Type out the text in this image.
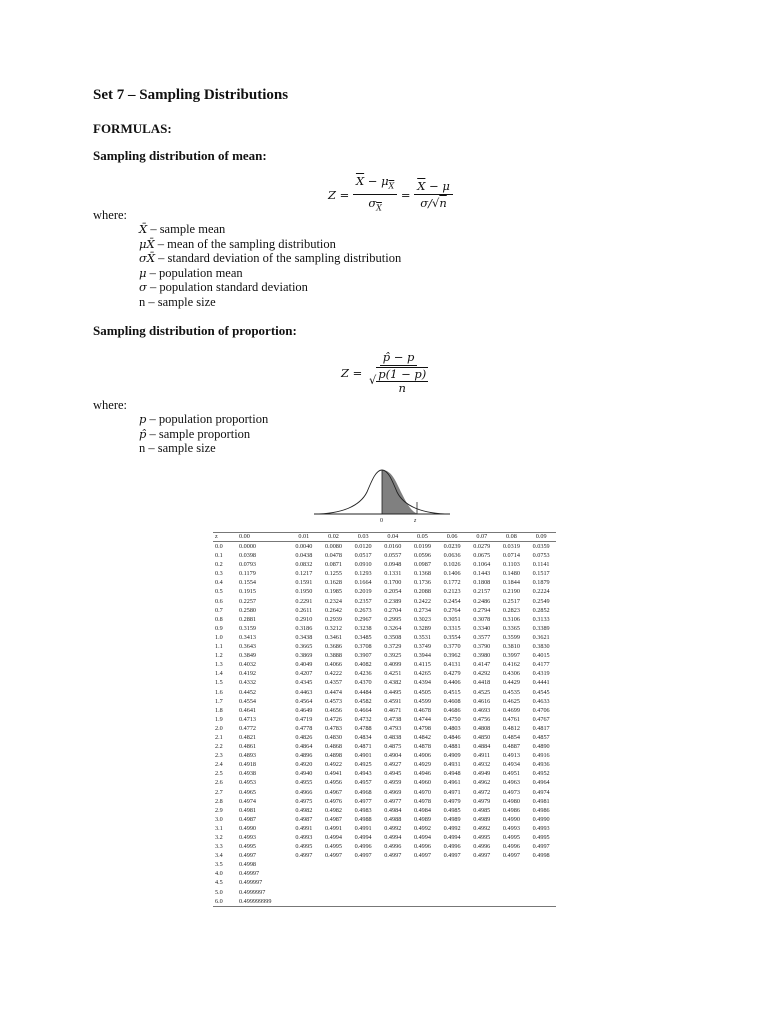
Set 7 – Sampling Distributions
FORMULAS:
Sampling distribution of mean:
$Z = \frac{\overline{X} - \mu_{\overline{X}}}{\sigma_{\overline{X}}} = \frac{\overline{X} - \mu}{\sigma/√n}$
where:
X̄ – sample mean
μX̄ – mean of the sampling distribution
σX̄ – standard deviation of the sampling distribution
μ – population mean
σ – population standard deviation
n – sample size
Sampling distribution of proportion:
$Z = \frac{p̂ - p}{√ \frac{p(1 - p)}{n}}$
where:
p – population proportion
p̂ – sample proportion
n – sample size
0	z
z	0.00	0.01	0.02	0.03	0.04	0.05	0.06	0.07	0.08	0.09
0.0	0.0000	0.0040	0.0080	0.0120	0.0160	0.0199	0.0239	0.0279	0.0319	0.0359
0.1	0.0398	0.0438	0.0478	0.0517	0.0557	0.0596	0.0636	0.0675	0.0714	0.0753
0.2	0.0793	0.0832	0.0871	0.0910	0.0948	0.0987	0.1026	0.1064	0.1103	0.1141
0.3	0.1179	0.1217	0.1255	0.1293	0.1331	0.1368	0.1406	0.1443	0.1480	0.1517
0.4	0.1554	0.1591	0.1628	0.1664	0.1700	0.1736	0.1772	0.1808	0.1844	0.1879
0.5	0.1915	0.1950	0.1985	0.2019	0.2054	0.2088	0.2123	0.2157	0.2190	0.2224
0.6	0.2257	0.2291	0.2324	0.2357	0.2389	0.2422	0.2454	0.2486	0.2517	0.2549
0.7	0.2580	0.2611	0.2642	0.2673	0.2704	0.2734	0.2764	0.2794	0.2823	0.2852
0.8	0.2881	0.2910	0.2939	0.2967	0.2995	0.3023	0.3051	0.3078	0.3106	0.3133
0.9	0.3159	0.3186	0.3212	0.3238	0.3264	0.3289	0.3315	0.3340	0.3365	0.3389
1.0	0.3413	0.3438	0.3461	0.3485	0.3508	0.3531	0.3554	0.3577	0.3599	0.3621
1.1	0.3643	0.3665	0.3686	0.3708	0.3729	0.3749	0.3770	0.3790	0.3810	0.3830
1.2	0.3849	0.3869	0.3888	0.3907	0.3925	0.3944	0.3962	0.3980	0.3997	0.4015
1.3	0.4032	0.4049	0.4066	0.4082	0.4099	0.4115	0.4131	0.4147	0.4162	0.4177
1.4	0.4192	0.4207	0.4222	0.4236	0.4251	0.4265	0.4279	0.4292	0.4306	0.4319
1.5	0.4332	0.4345	0.4357	0.4370	0.4382	0.4394	0.4406	0.4418	0.4429	0.4441
1.6	0.4452	0.4463	0.4474	0.4484	0.4495	0.4505	0.4515	0.4525	0.4535	0.4545
1.7	0.4554	0.4564	0.4573	0.4582	0.4591	0.4599	0.4608	0.4616	0.4625	0.4633
1.8	0.4641	0.4649	0.4656	0.4664	0.4671	0.4678	0.4686	0.4693	0.4699	0.4706
1.9	0.4713	0.4719	0.4726	0.4732	0.4738	0.4744	0.4750	0.4756	0.4761	0.4767
2.0	0.4772	0.4778	0.4783	0.4788	0.4793	0.4798	0.4803	0.4808	0.4812	0.4817
2.1	0.4821	0.4826	0.4830	0.4834	0.4838	0.4842	0.4846	0.4850	0.4854	0.4857
2.2	0.4861	0.4864	0.4868	0.4871	0.4875	0.4878	0.4881	0.4884	0.4887	0.4890
2.3	0.4893	0.4896	0.4898	0.4901	0.4904	0.4906	0.4909	0.4911	0.4913	0.4916
2.4	0.4918	0.4920	0.4922	0.4925	0.4927	0.4929	0.4931	0.4932	0.4934	0.4936
2.5	0.4938	0.4940	0.4941	0.4943	0.4945	0.4946	0.4948	0.4949	0.4951	0.4952
2.6	0.4953	0.4955	0.4956	0.4957	0.4959	0.4960	0.4961	0.4962	0.4963	0.4964
2.7	0.4965	0.4966	0.4967	0.4968	0.4969	0.4970	0.4971	0.4972	0.4973	0.4974
2.8	0.4974	0.4975	0.4976	0.4977	0.4977	0.4978	0.4979	0.4979	0.4980	0.4981
2.9	0.4981	0.4982	0.4982	0.4983	0.4984	0.4984	0.4985	0.4985	0.4986	0.4986
3.0	0.4987	0.4987	0.4987	0.4988	0.4988	0.4989	0.4989	0.4989	0.4990	0.4990
3.1	0.4990	0.4991	0.4991	0.4991	0.4992	0.4992	0.4992	0.4992	0.4993	0.4993
3.2	0.4993	0.4993	0.4994	0.4994	0.4994	0.4994	0.4994	0.4995	0.4995	0.4995
3.3	0.4995	0.4995	0.4995	0.4996	0.4996	0.4996	0.4996	0.4996	0.4996	0.4997
3.4	0.4997	0.4997	0.4997	0.4997	0.4997	0.4997	0.4997	0.4997	0.4997	0.4998
3.5	0.4998									
4.0	0.49997									
4.5	0.499997									
5.0	0.4999997									
6.0	0.499999999									
